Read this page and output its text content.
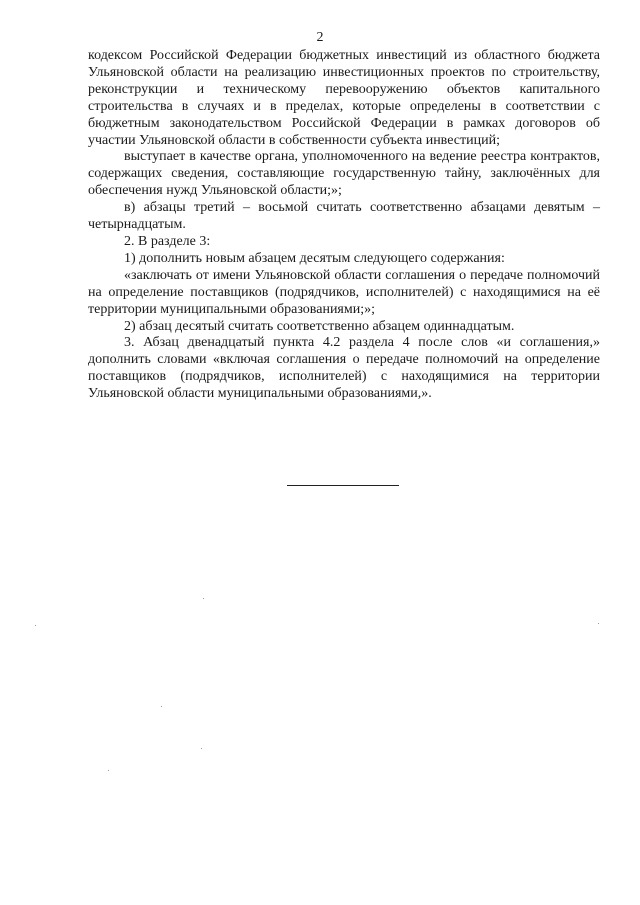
2

кодексом Российской Федерации бюджетных инвестиций из областного бюджета Ульяновской области на реализацию инвестиционных проектов по строительству, реконструкции и техническому перевооружению объектов капитального строительства в случаях и в пределах, которые определены в соответствии с бюджетным законодательством Российской Федерации в рамках договоров об участии Ульяновской области в собственности субъекта инвестиций;

выступает в качестве органа, уполномоченного на ведение реестра контрактов, содержащих сведения, составляющие государственную тайну, заключённых для обеспечения нужд Ульяновской области;»;

в) абзацы третий – восьмой считать соответственно абзацами девятым – четырнадцатым.

2. В разделе 3:

1) дополнить новым абзацем десятым следующего содержания:

«заключать от имени Ульяновской области соглашения о передаче полномочий на определение поставщиков (подрядчиков, исполнителей) с находящимися на её территории муниципальными образованиями;»;

2) абзац десятый считать соответственно абзацем одиннадцатым.

3. Абзац двенадцатый пункта 4.2 раздела 4 после слов «и соглашения,» дополнить словами «включая соглашения о передаче полномочий на определение поставщиков (подрядчиков, исполнителей) с находящимися на территории Ульяновской области муниципальными образованиями,».
